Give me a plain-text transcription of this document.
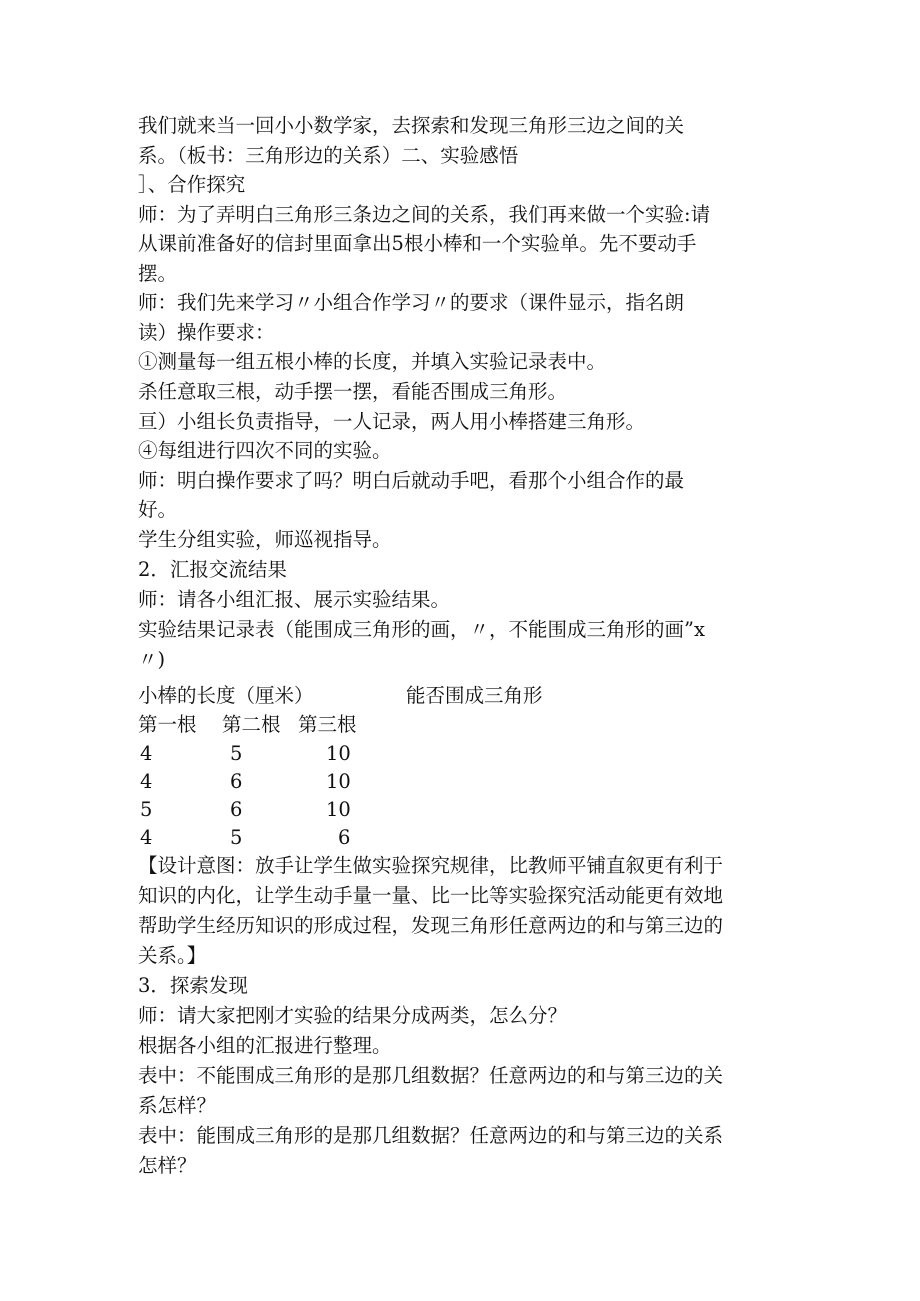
我们就来当一回小小数学家，去探索和发现三角形三边之间的关
系。（板书：三角形边的关系）二、实验感悟
］、合作探究
师：为了弄明白三角形三条边之间的关系，我们再来做一个实验:请
从课前准备好的信封里面拿出5根小棒和一个实验单。先不要动手
摆。
师：我们先来学习〃小组合作学习〃的要求（课件显示，指名朗
读）操作要求：
①测量每一组五根小棒的长度，并填入实验记录表中。
杀任意取三根，动手摆一摆，看能否围成三角形。
亘）小组长负责指导，一人记录，两人用小棒搭建三角形。
④每组进行四次不同的实验。
师：明白操作要求了吗？明白后就动手吧，看那个小组合作的最
好。
学生分组实验，师巡视指导。
2．汇报交流结果
师：请各小组汇报、展示实验结果。
实验结果记录表（能围成三角形的画，〃，不能围成三角形的画”x
〃)
小棒的长度（厘米）	能否围成三角形
第一根 第二根 第三根
4	5	10
4	6	10
5	6	10
4	5	6
【设计意图：放手让学生做实验探究规律，比教师平铺直叙更有利于
知识的内化，让学生动手量一量、比一比等实验探究活动能更有效地
帮助学生经历知识的形成过程，发现三角形任意两边的和与第三边的
关系。】
3．探索发现
师：请大家把刚才实验的结果分成两类，怎么分？
根据各小组的汇报进行整理。
表中：不能围成三角形的是那几组数据？任意两边的和与第三边的关
系怎样？
表中：能围成三角形的是那几组数据？任意两边的和与第三边的关系
怎样？
